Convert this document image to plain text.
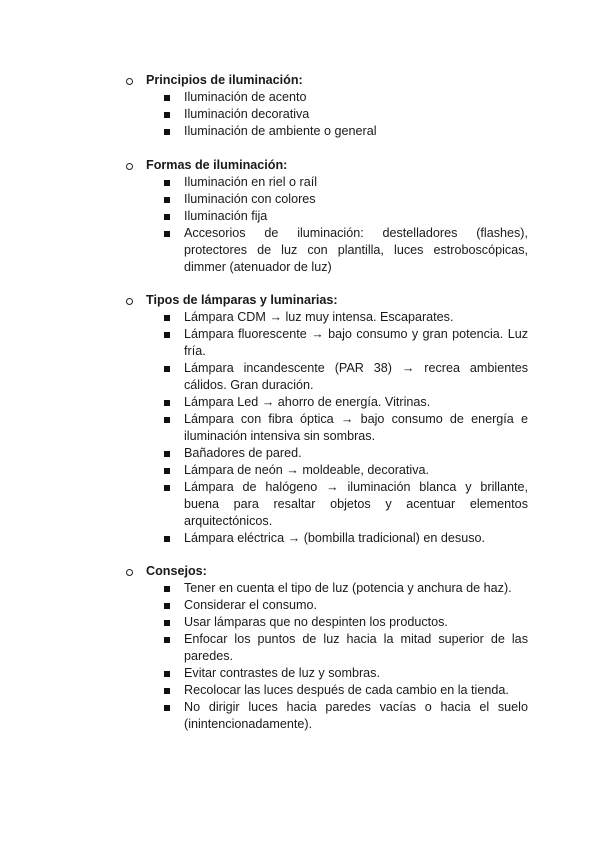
Principios de iluminación:
Iluminación de acento
Iluminación decorativa
Iluminación de ambiente o general
Formas de iluminación:
Iluminación en riel o raíl
Iluminación con colores
Iluminación fija
Accesorios de iluminación: destelladores (flashes), protectores de luz con plantilla, luces estroboscópicas, dimmer (atenuador de luz)
Tipos de lámparas y luminarias:
Lámpara CDM → luz muy intensa. Escaparates.
Lámpara fluorescente → bajo consumo y gran potencia. Luz fría.
Lámpara incandescente (PAR 38) → recrea ambientes cálidos. Gran duración.
Lámpara Led → ahorro de energía. Vitrinas.
Lámpara con fibra óptica → bajo consumo de energía e iluminación intensiva sin sombras.
Bañadores de pared.
Lámpara de neón → moldeable, decorativa.
Lámpara de halógeno → iluminación blanca y brillante, buena para resaltar objetos y acentuar elementos arquitectónicos.
Lámpara eléctrica → (bombilla tradicional) en desuso.
Consejos:
Tener en cuenta el tipo de luz (potencia y anchura de haz).
Considerar el consumo.
Usar lámparas que no despinten los productos.
Enfocar los puntos de luz hacia la mitad superior de las paredes.
Evitar contrastes de luz y sombras.
Recolocar las luces después de cada cambio en la tienda.
No dirigir luces hacia paredes vacías o hacia el suelo (inintencionadamente).
